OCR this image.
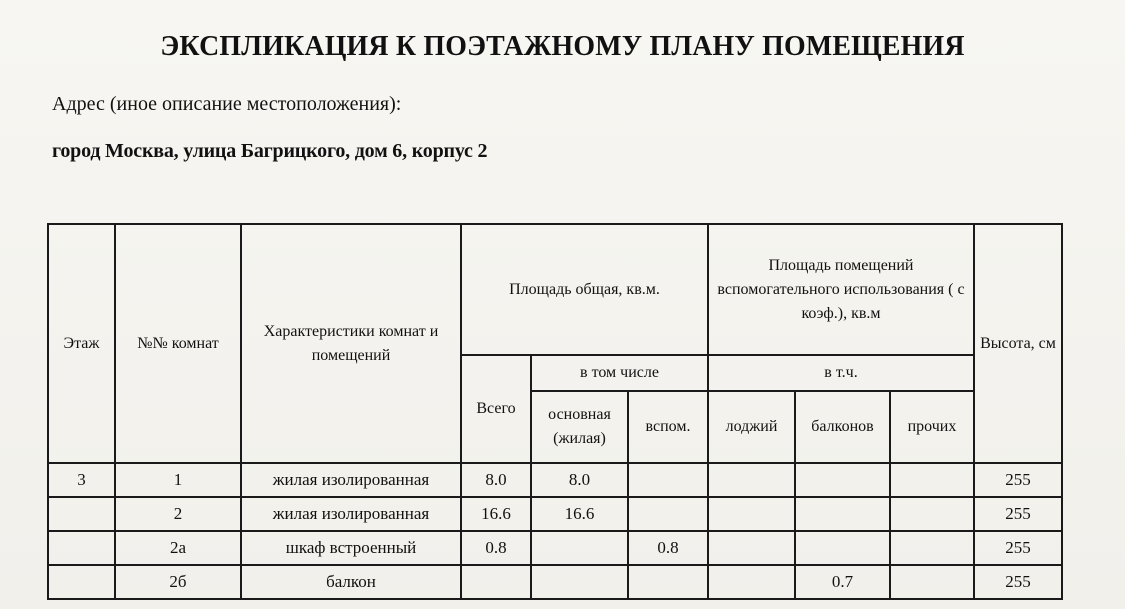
ЭКСПЛИКАЦИЯ К ПОЭТАЖНОМУ ПЛАНУ ПОМЕЩЕНИЯ
Адрес (иное описание местоположения):
город Москва, улица Багрицкого, дом 6, корпус 2
Этаж	№№ комнат	Характеристики комнат и помещений	Площадь общая, кв.м.			Площадь помещений вспомогательного использования ( с коэф.), кв.м			Высота, см
			Всего	в том числе		в т.ч.			
				основная (жилая)	вспом.	лоджий	балконов	прочих	
3	1	жилая изолированная	8.0	8.0					255
	2	жилая изолированная	16.6	16.6					255
	2а	шкаф встроенный	0.8		0.8				255
	2б	балкон					0.7		255
